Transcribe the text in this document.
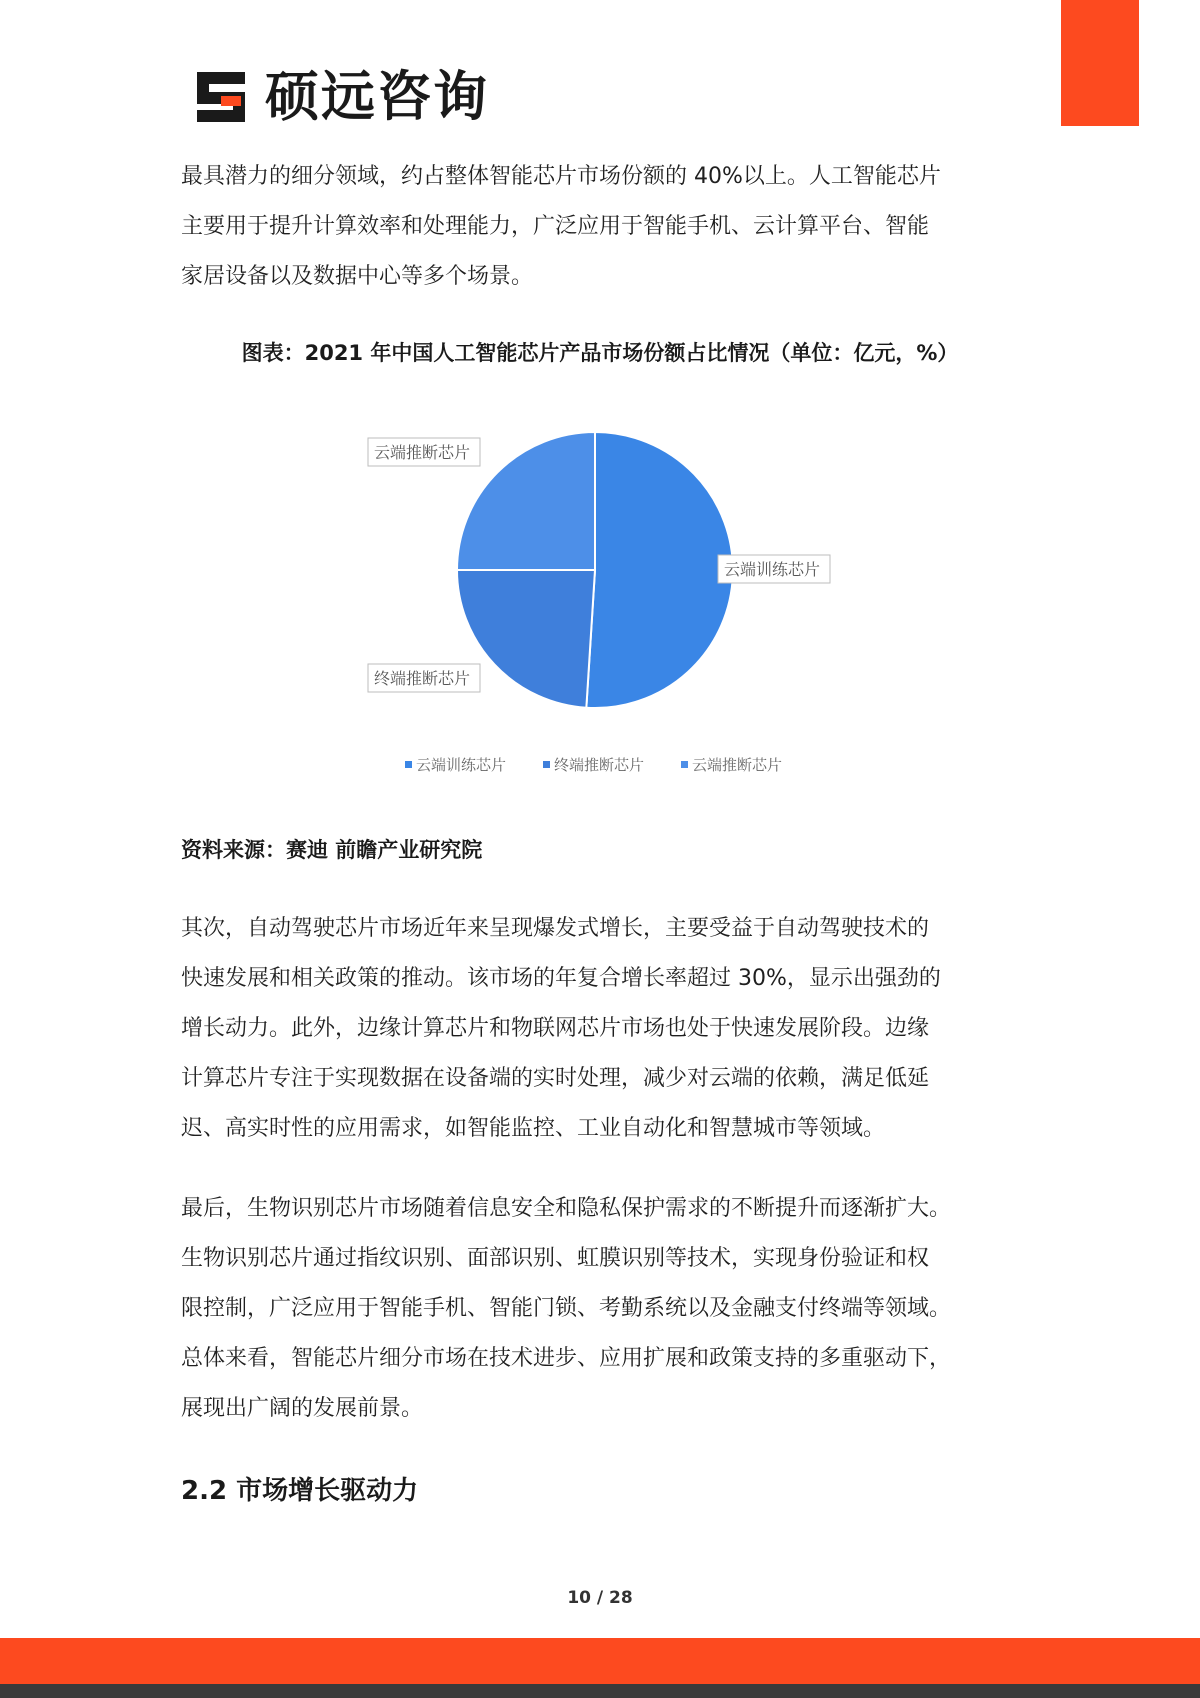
硕远咨询

最具潜力的细分领域，约占整体智能芯片市场份额的 40%以上。人工智能芯片
主要用于提升计算效率和处理能力，广泛应用于智能手机、云计算平台、智能
家居设备以及数据中心等多个场景。

图表：2021 年中国人工智能芯片产品市场份额占比情况（单位：亿元，%）
云端训练芯片
终端推断芯片
云端推断芯片
云端训练芯片	终端推断芯片	云端推断芯片
资料来源：赛迪 前瞻产业研究院

其次，自动驾驶芯片市场近年来呈现爆发式增长，主要受益于自动驾驶技术的
快速发展和相关政策的推动。该市场的年复合增长率超过 30%，显示出强劲的
增长动力。此外，边缘计算芯片和物联网芯片市场也处于快速发展阶段。边缘
计算芯片专注于实现数据在设备端的实时处理，减少对云端的依赖，满足低延
迟、高实时性的应用需求，如智能监控、工业自动化和智慧城市等领域。

最后，生物识别芯片市场随着信息安全和隐私保护需求的不断提升而逐渐扩大。
生物识别芯片通过指纹识别、面部识别、虹膜识别等技术，实现身份验证和权
限控制，广泛应用于智能手机、智能门锁、考勤系统以及金融支付终端等领域。
总体来看，智能芯片细分市场在技术进步、应用扩展和政策支持的多重驱动下，
展现出广阔的发展前景。

2.2 市场增长驱动力
10 / 28
